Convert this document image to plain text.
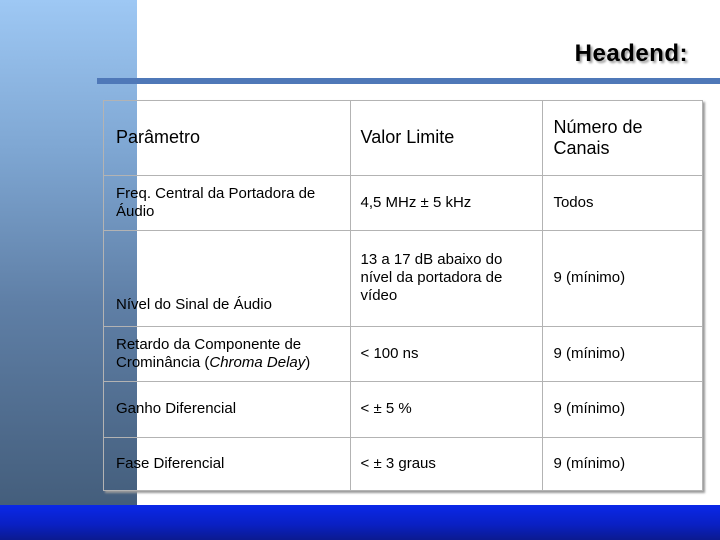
Headend:
Parâmetro	Valor Limite	Número de Canais
Freq. Central da Portadora de Áudio	4,5 MHz ± 5 kHz	Todos
Nível do Sinal de Áudio	13 a 17 dB abaixo do nível da portadora de vídeo	9 (mínimo)
Retardo da Componente de Crominância (Chroma Delay)	< 100 ns	9 (mínimo)
Ganho Diferencial	< ± 5 %	9 (mínimo)
Fase Diferencial	< ± 3 graus	9 (mínimo)
